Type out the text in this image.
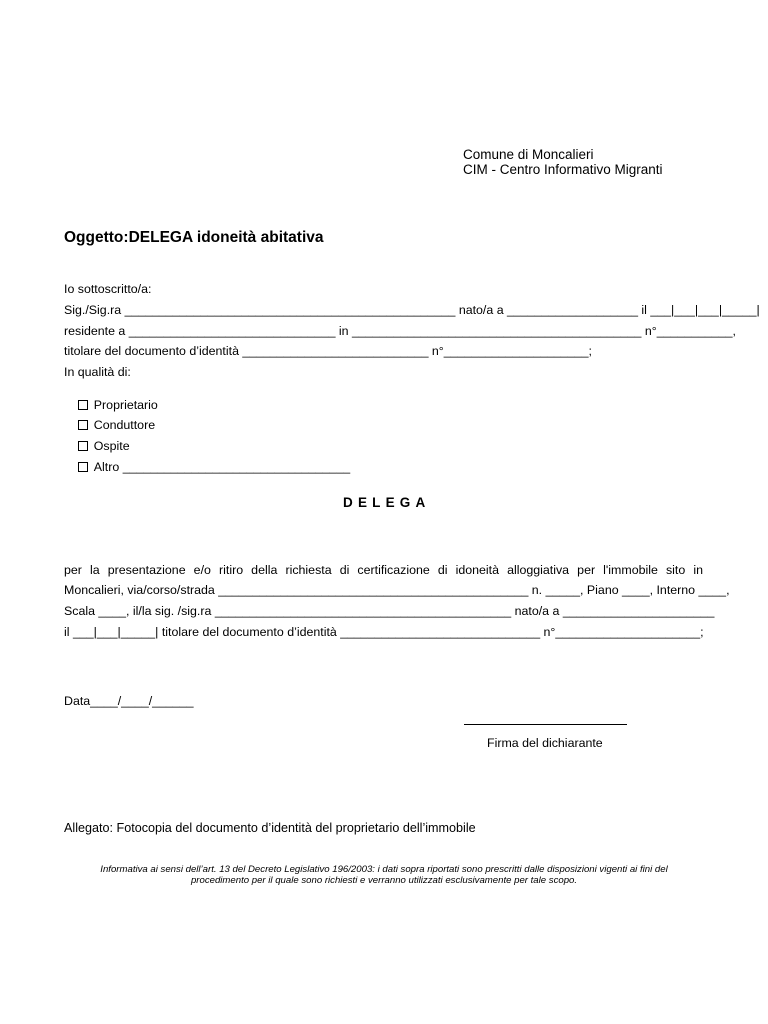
Comune di Moncalieri
CIM - Centro Informativo Migranti
Oggetto:DELEGA idoneità abitativa
Io sottoscritto/a:
Sig./Sig.ra ________________________________________________ nato/a a ___________________ il ___|___|___|_____|
residente a ______________________________ in __________________________________________ n°___________,
titolare del documento d’identità ___________________________ n°_____________________;
In qualità di:

Proprietario

Conduttore

Ospite

Altro _________________________________

DELEGA
per la presentazione e/o ritiro della richiesta di certificazione di idoneità alloggiativa per l'immobile sito in
Moncalieri, via/corso/strada _____________________________________________ n. _____, Piano ____, Interno ____,
Scala ____, il/la sig. /sig.ra ___________________________________________ nato/a a ______________________
il ___|___|_____| titolare del documento d’identità _____________________________ n°_____________________;
Data____/____/______
Firma del dichiarante
Allegato: Fotocopia del documento d’identità del proprietario dell’immobile
Informativa ai sensi dell’art. 13 del Decreto Legislativo 196/2003: i dati sopra riportati sono prescritti dalle disposizioni vigenti ai fini del
procedimento per il quale sono richiesti e verranno utilizzati esclusivamente per tale scopo.
